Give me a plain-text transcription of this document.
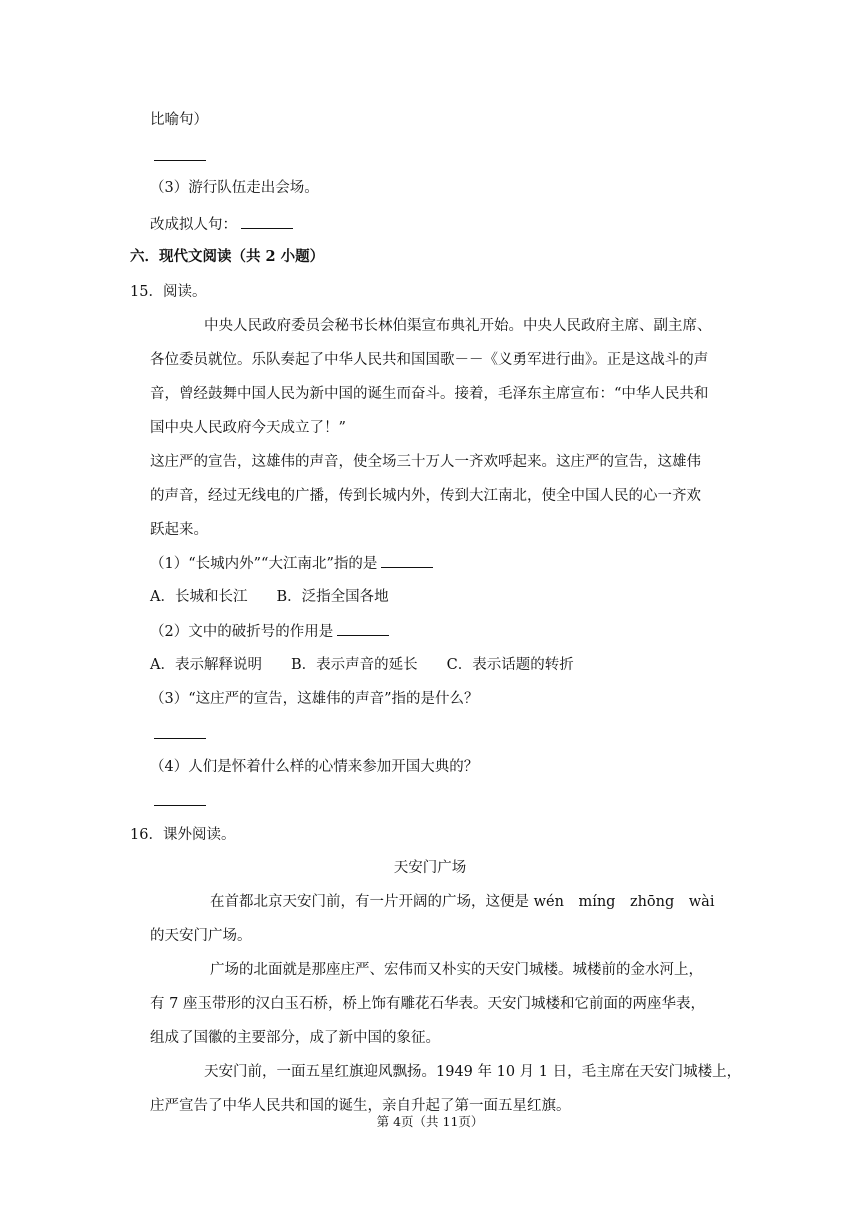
比喻句）
（3）游行队伍走出会场。
改成拟人句：
六．现代文阅读（共 2 小题）
15．阅读。
中央人民政府委员会秘书长林伯渠宣布典礼开始。中央人民政府主席、副主席、
各位委员就位。乐队奏起了中华人民共和国国歌－－《义勇军进行曲》。正是这战斗的声
音，曾经鼓舞中国人民为新中国的诞生而奋斗。接着，毛泽东主席宣布：“中华人民共和
国中央人民政府今天成立了！”
这庄严的宣告，这雄伟的声音，使全场三十万人一齐欢呼起来。这庄严的宣告，这雄伟
的声音，经过无线电的广播，传到长城内外，传到大江南北，使全中国人民的心一齐欢
跃起来。
（1）“长城内外”“大江南北”指的是
A．长城和长江　　B．泛指全国各地
（2）文中的破折号的作用是
A．表示解释说明　　B．表示声音的延长　　C．表示话题的转折
（3）“这庄严的宣告，这雄伟的声音”指的是什么？
（4）人们是怀着什么样的心情来参加开国大典的？
16．课外阅读。
天安门广场
在首都北京天安门前，有一片开阔的广场，这便是 wén　míng　zhōng　wài
的天安门广场。
广场的北面就是那座庄严、宏伟而又朴实的天安门城楼。城楼前的金水河上，
有 7 座玉带形的汉白玉石桥，桥上饰有雕花石华表。天安门城楼和它前面的两座华表，
组成了国徽的主要部分，成了新中国的象征。
天安门前，一面五星红旗迎风飘扬。1949 年 10 月 1 日，毛主席在天安门城楼上，
庄严宣告了中华人民共和国的诞生，亲自升起了第一面五星红旗。
第 4页（共 11页）
